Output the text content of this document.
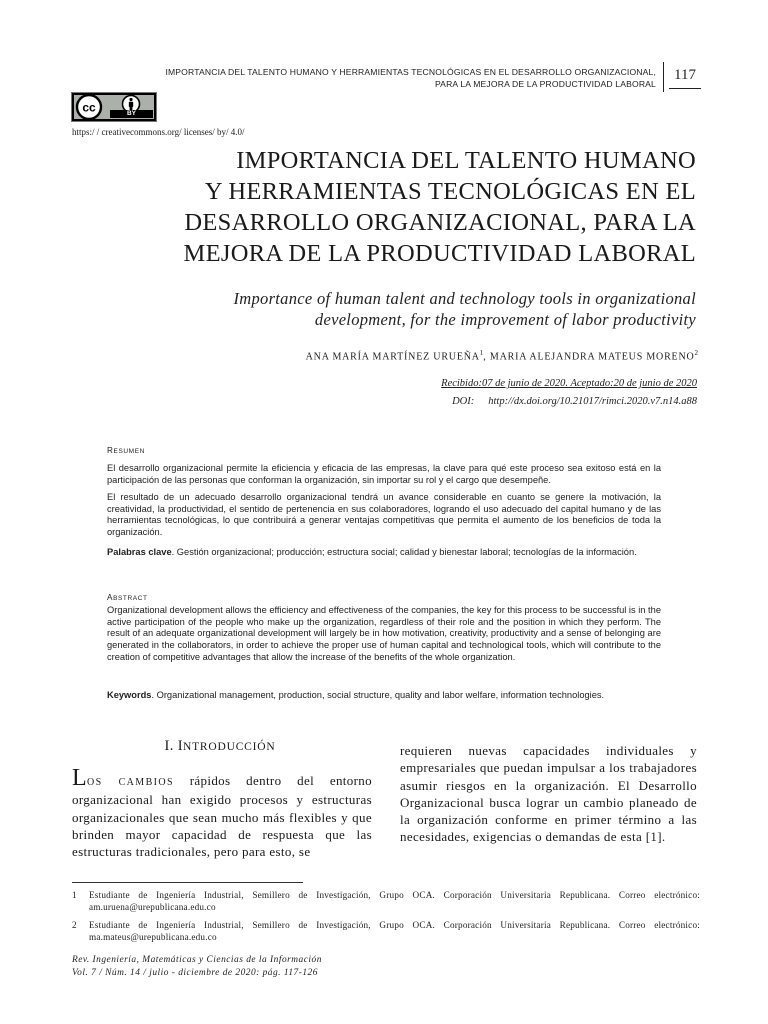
IMPORTANCIA DEL TALENTO HUMANO Y HERRAMIENTAS TECNOLÓGICAS EN EL DESARROLLO ORGANIZACIONAL,
PARA LA MEJORA DE LA PRODUCTIVIDAD LABORAL
117
cc	BY
https:/ / creativecommons.org/ licenses/ by/ 4.0/
IMPORTANCIA DEL TALENTO HUMANO
Y HERRAMIENTAS TECNOLÓGICAS EN EL
DESARROLLO ORGANIZACIONAL, PARA LA
MEJORA DE LA PRODUCTIVIDAD LABORAL
Importance of human talent and technology tools in organizational
development, for the improvement of labor productivity
ANA MARÍA MARTÍNEZ URUEÑA$^1$, MARIA ALEJANDRA MATEUS MORENO$^2$
Recibido:07 de junio de 2020. Aceptado:20 de junio de 2020
DOI: http://dx.doi.org/10.21017/rimci.2020.v7.n14.a88
RESUMEN

El desarrollo organizacional permite la eficiencia y eficacia de las empresas, la clave para qué este proceso sea exitoso está en la participación de las personas que conforman la organización, sin importar su rol y el cargo que desempeñe.

El resultado de un adecuado desarrollo organizacional tendrá un avance considerable en cuanto se genere la motivación, la creatividad, la productividad, el sentido de pertenencia en sus colaboradores, logrando el uso adecuado del capital humano y de las herramientas tecnológicas, lo que contribuirá a generar ventajas competitivas que permita el aumento de los beneficios de toda la organización.

Palabras clave. Gestión organizacional; producción; estructura social; calidad y bienestar laboral; tecnologías de la información.

ABSTRACT

Organizational development allows the efficiency and effectiveness of the companies, the key for this process to be successful is in the active participation of the people who make up the organization, regardless of their role and the position in which they perform. The result of an adequate organizational development will largely be in how motivation, creativity, productivity and a sense of belonging are generated in the collaborators, in order to achieve the proper use of human capital and technological tools, which will contribute to the creation of competitive advantages that allow the increase of the benefits of the whole organization.

Keywords. Organizational management, production, social structure, quality and labor welfare, information technologies.

I. INTRODUCCIÓN
LOS CAMBIOS rápidos dentro del entorno organizacional han exigido procesos y estructuras organizacionales que sean mucho más flexibles y que brinden mayor capacidad de respuesta que las estructuras tradicionales, pero para esto, se
requieren nuevas capacidades individuales y empresariales que puedan impulsar a los trabajadores asumir riesgos en la organización. El Desarrollo Organizacional busca lograr un cambio planeado de la organización conforme en primer término a las necesidades, exigencias o demandas de esta [1].
1 Estudiante de Ingeniería Industrial, Semillero de Investigación, Grupo OCA. Corporación Universitaria Republicana. Correo electrónico: am.uruena@urepublicana.edu.co
2 Estudiante de Ingeniería Industrial, Semillero de Investigación, Grupo OCA. Corporación Universitaria Republicana. Correo electrónico: ma.mateus@urepublicana.edu.co
Rev. Ingeniería, Matemáticas y Ciencias de la Información
Vol. 7 / Núm. 14 / julio - diciembre de 2020: pág. 117-126
